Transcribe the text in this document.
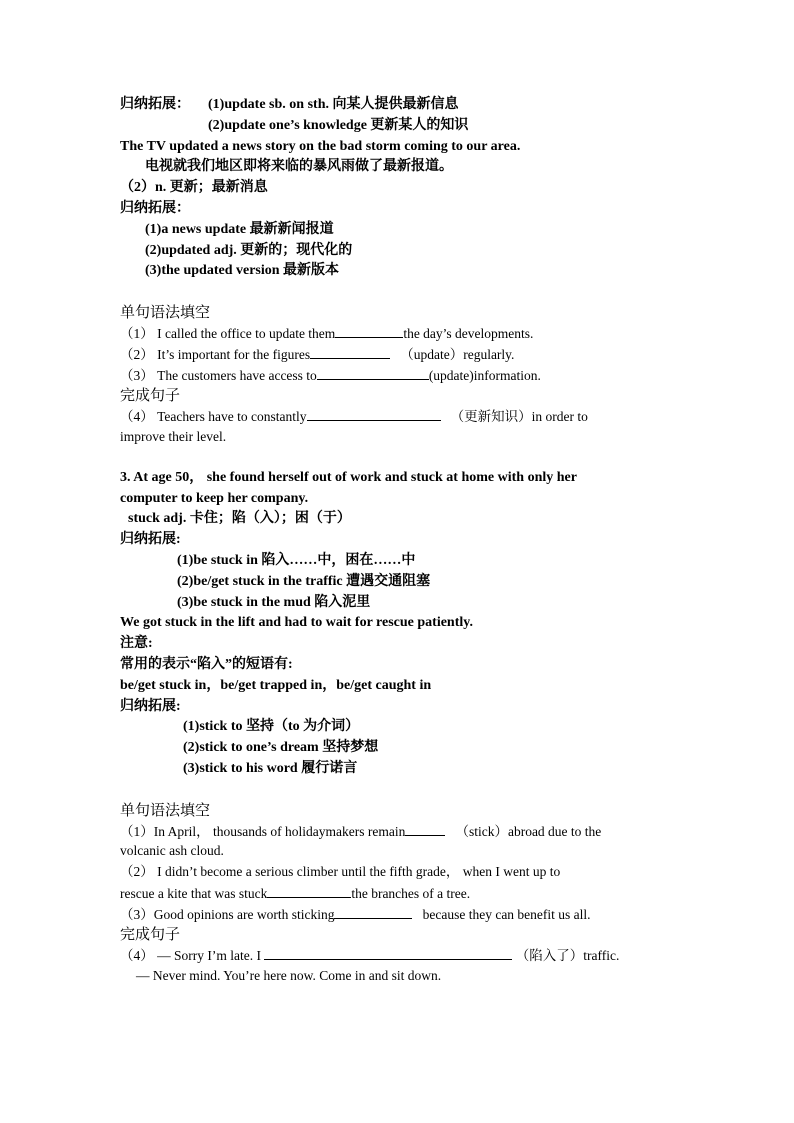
归纳拓展： (1)update sb. on sth. 向某人提供最新信息
(2)update one’s knowledge 更新某人的知识
The TV updated a news story on the bad storm coming to our area.
电视就我们地区即将来临的暴风雨做了最新报道。
（2）n. 更新；最新消息
归纳拓展：
(1)a news update 最新新闻报道
(2)updated adj. 更新的；现代化的
(3)the updated version 最新版本
单句语法填空
（1） I called the office to update them	the day’s developments.
（2） It’s important for the figures	（update）regularly.
（3） The customers have access to	(update)information.
完成句子
（4） Teachers have to constantly	（更新知识）in order to
improve their level.
3. At age 50， she found herself out of work and stuck at home with only her
computer to keep her company.
stuck adj. 卡住；陷（入）；困（于）
归纳拓展:
(1)be stuck in 陷入……中，困在……中
(2)be/get stuck in the traffic 遭遇交通阻塞
(3)be stuck in the mud 陷入泥里
We got stuck in the lift and had to wait for rescue patiently.
注意:
常用的表示“陷入”的短语有:
be/get stuck in，be/get trapped in，be/get caught in
归纳拓展:
(1)stick to 坚持（to 为介词）
(2)stick to one’s dream 坚持梦想
(3)stick to his word 履行诺言
单句语法填空
（1）In April， thousands of holidaymakers remain	（stick）abroad due to the
volcanic ash cloud.
（2） I didn’t become a serious climber until the fifth grade， when I went up to
rescue a kite that was stuck	the branches of a tree.
（3）Good opinions are worth sticking	because they can benefit us all.
完成句子
（4） — Sorry I’m late. I	（陷入了）traffic.
— Never mind. You’re here now. Come in and sit down.
